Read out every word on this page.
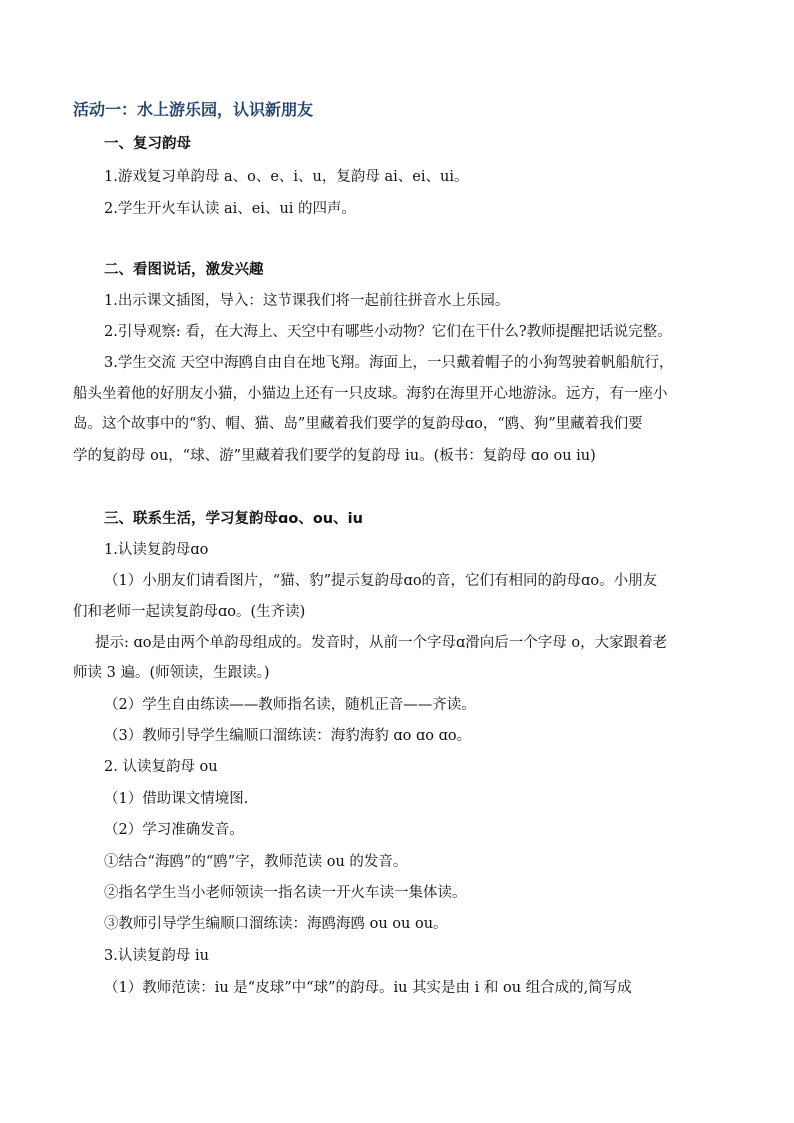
活动一：水上游乐园，认识新朋友
一、复习韵母
1.游戏复习单韵母 a、o、e、i、u，复韵母 ai、ei、ui。
2.学生开火车认读 ai、ei、ui 的四声。
二、看图说话，激发兴趣
1.出示课文插图，导入：这节课我们将一起前往拼音水上乐园。
2.引导观察: 看，在大海上、天空中有哪些小动物？它们在干什么?教师提醒把话说完整。
3.学生交流 天空中海鸥自由自在地飞翔。海面上，一只戴着帽子的小狗驾驶着帆船航行，
船头坐着他的好朋友小猫，小猫边上还有一只皮球。海豹在海里开心地游泳。远方，有一座小
岛。这个故事中的“豹、帽、猫、岛”里藏着我们要学的复韵母ɑo，“鸥、狗”里藏着我们要
学的复韵母 ou，“球、游”里藏着我们要学的复韵母 iu。(板书：复韵母 ɑo ou iu)
三、联系生活，学习复韵母ɑo、ou、iu
1.认读复韵母ɑo
（1）小朋友们请看图片，“猫、豹”提示复韵母ɑo的音，它们有相同的韵母ɑo。小朋友
们和老师一起读复韵母ɑo。(生齐读)
提示: ɑo是由两个单韵母组成的。发音时，从前一个字母ɑ滑向后一个字母 o，大家跟着老
师读 3 遍。(师领读，生跟读。)
（2）学生自由练读——教师指名读，随机正音——齐读。
（3）教师引导学生编顺口溜练读：海豹海豹 ɑo ɑo ɑo。
2. 认读复韵母 ou
（1）借助课文情境图.
（2）学习准确发音。
①结合“海鸥”的“鸥”字，教师范读 ou 的发音。
②指名学生当小老师领读一指名读一开火车读一集体读。
③教师引导学生编顺口溜练读：海鸥海鸥 ou ou ou。
3.认读复韵母 iu
（1）教师范读：iu 是“皮球”中“球”的韵母。iu 其实是由 i 和 ou 组合成的,简写成
